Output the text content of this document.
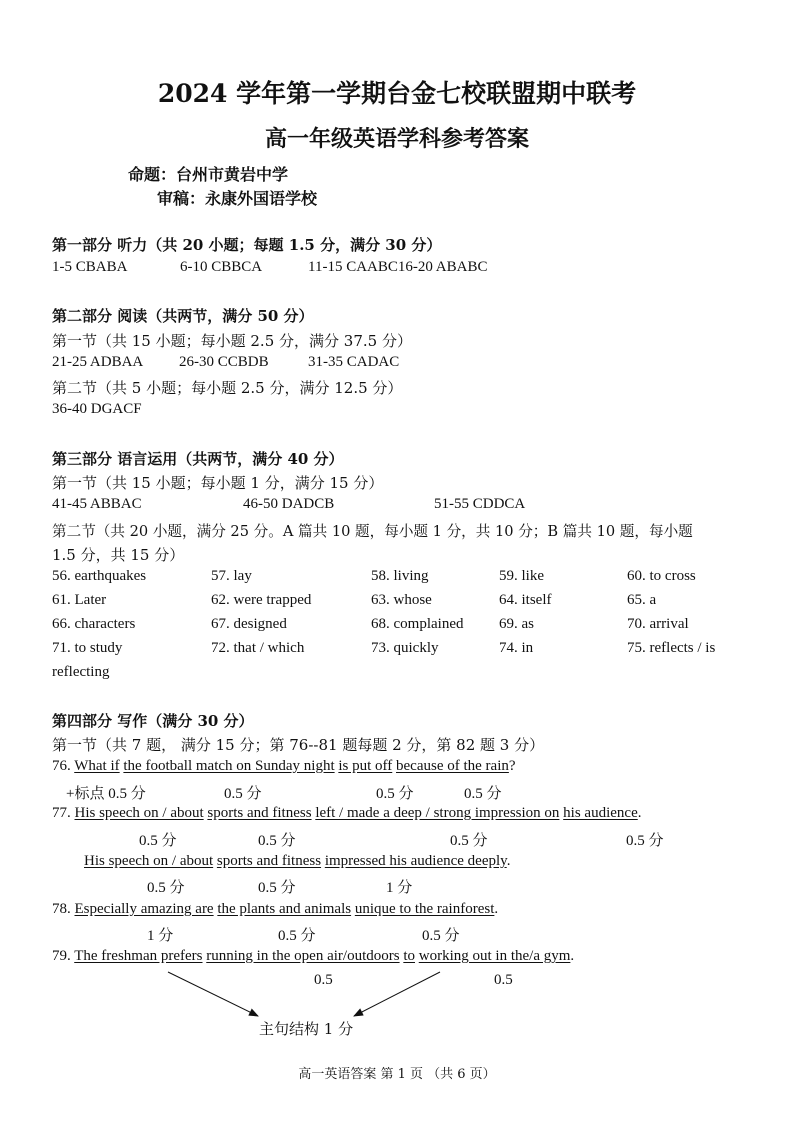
2024 学年第一学期台金七校联盟期中联考
高一年级英语学科参考答案
命题：台州市黄岩中学
审稿：永康外国语学校
第一部分 听力（共 20 小题；每题 1.5 分，满分 30 分）
1-5 CBABA	6-10 CBBCA	11-15 CAABC16-20 ABABC
第二部分 阅读（共两节，满分 50 分）
第一节（共 15 小题；每小题 2.5 分，满分 37.5 分）
21-25 ADBAA 26-30 CCBDB	31-35 CADAC
第二节（共 5 小题；每小题 2.5 分，满分 12.5 分）
36-40 DGACF
第三部分 语言运用（共两节，满分 40 分）
第一节（共 15 小题；每小题 1 分，满分 15 分）
41-45 ABBAC	46-50 DADCB	51-55 CDDCA
第二节（共 20 小题，满分 25 分。A 篇共 10 题，每小题 1 分，共 10 分；B 篇共 10 题，每小题
1.5 分，共 15 分）
56. earthquakes	57. lay	58. living	59. like	60. to cross
61. Later	62. were trapped	63. whose	64. itself	65. a
66. characters	67. designed	68. complained 69. as	70. arrival
71. to study	72. that / which	73. quickly	74. in	75. reflects / is
reflecting
第四部分 写作（满分 30 分）
第一节（共 7 题， 满分 15 分；第 76--81 题每题 2 分，第 82 题 3 分）
76. What if the football match on Sunday night is put off because of the rain?
+标点 0.5 分	0.5 分	0.5 分	0.5 分
77. His speech on / about sports and fitness left / made a deep / strong impression on his audience.
0.5 分	0.5 分	0.5 分	0.5 分
His speech on / about sports and fitness impressed his audience deeply.
0.5 分	0.5 分	1 分
78. Especially amazing are the plants and animals unique to the rainforest.
1 分	0.5 分	0.5 分
79. The freshman prefers running in the open air/outdoors to working out in the/a gym.
0.5	0.5
主句结构 1 分
高一英语答案 第 1 页 （共 6 页）
